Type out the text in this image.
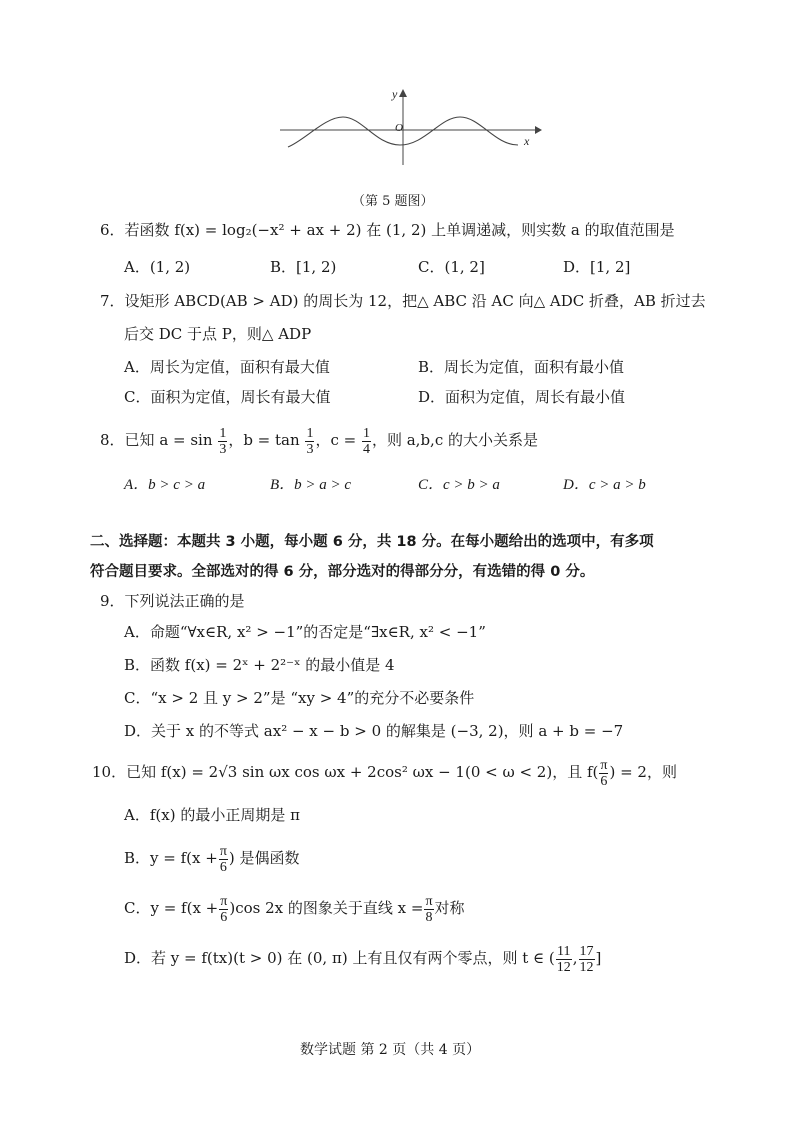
y
x
O
（第 5 题图）
6．若函数 f(x) = log₂(−x² + ax + 2) 在 (1, 2) 上单调递减，则实数 a 的取值范围是
A．(1, 2)	B．[1, 2)	C．(1, 2]	D．[1, 2]
7．设矩形 ABCD(AB > AD) 的周长为 12，把△ ABC 沿 AC 向△ ADC 折叠，AB 折过去
后交 DC 于点 P，则△ ADP
A．周长为定值，面积有最大值	B．周长为定值，面积有最小值
C．面积为定值，周长有最大值	D．面积为定值，周长有最小值
8．已知 $a = \sin \frac{1}{3}$ ，$b = \tan \frac{1}{3}$ ，$c = \frac{1}{4}$ ，则 a,b,c 的大小关系是
A．b > c > a	B．b > a > c	C．c > b > a	D．c > a > b
二、选择题：本题共 3 小题，每小题 6 分，共 18 分。在每小题给出的选项中，有多项
符合题目要求。全部选对的得 6 分，部分选对的得部分分，有选错的得 0 分。
9．下列说法正确的是
A．命题“∀x∈R, x² > −1”的否定是“∃x∈R, x² < −1”
B．函数 f(x) = 2ˣ + 2²⁻ˣ 的最小值是 4
C．“x > 2 且 y > 2”是 “xy > 4”的充分不必要条件
D．关于 x 的不等式 ax² − x − b > 0 的解集是 (−3, 2)，则 a + b = −7
10．已知 f(x) = 2√3 sin ωx cos ωx + 2cos² ωx − 1(0 < ω < 2)，且 $f( \frac{\pi}{6}$ ) = 2，则
A．f(x) 的最小正周期是 π
B．$y = f(x + \frac{\pi}{6}$ ) 是偶函数
C．$y = f(x + \frac{\pi}{6} )\cos$ 2x 的图象关于直线 $x = \frac{\pi}{8}$ 对称
D．若 y = f(tx)(t > 0) 在 (0, π) 上有且仅有两个零点，则 t ∈ ( $\frac{11}{12}$ , $\frac{17}{12}$ ]
数学试题 第 2 页（共 4 页）
